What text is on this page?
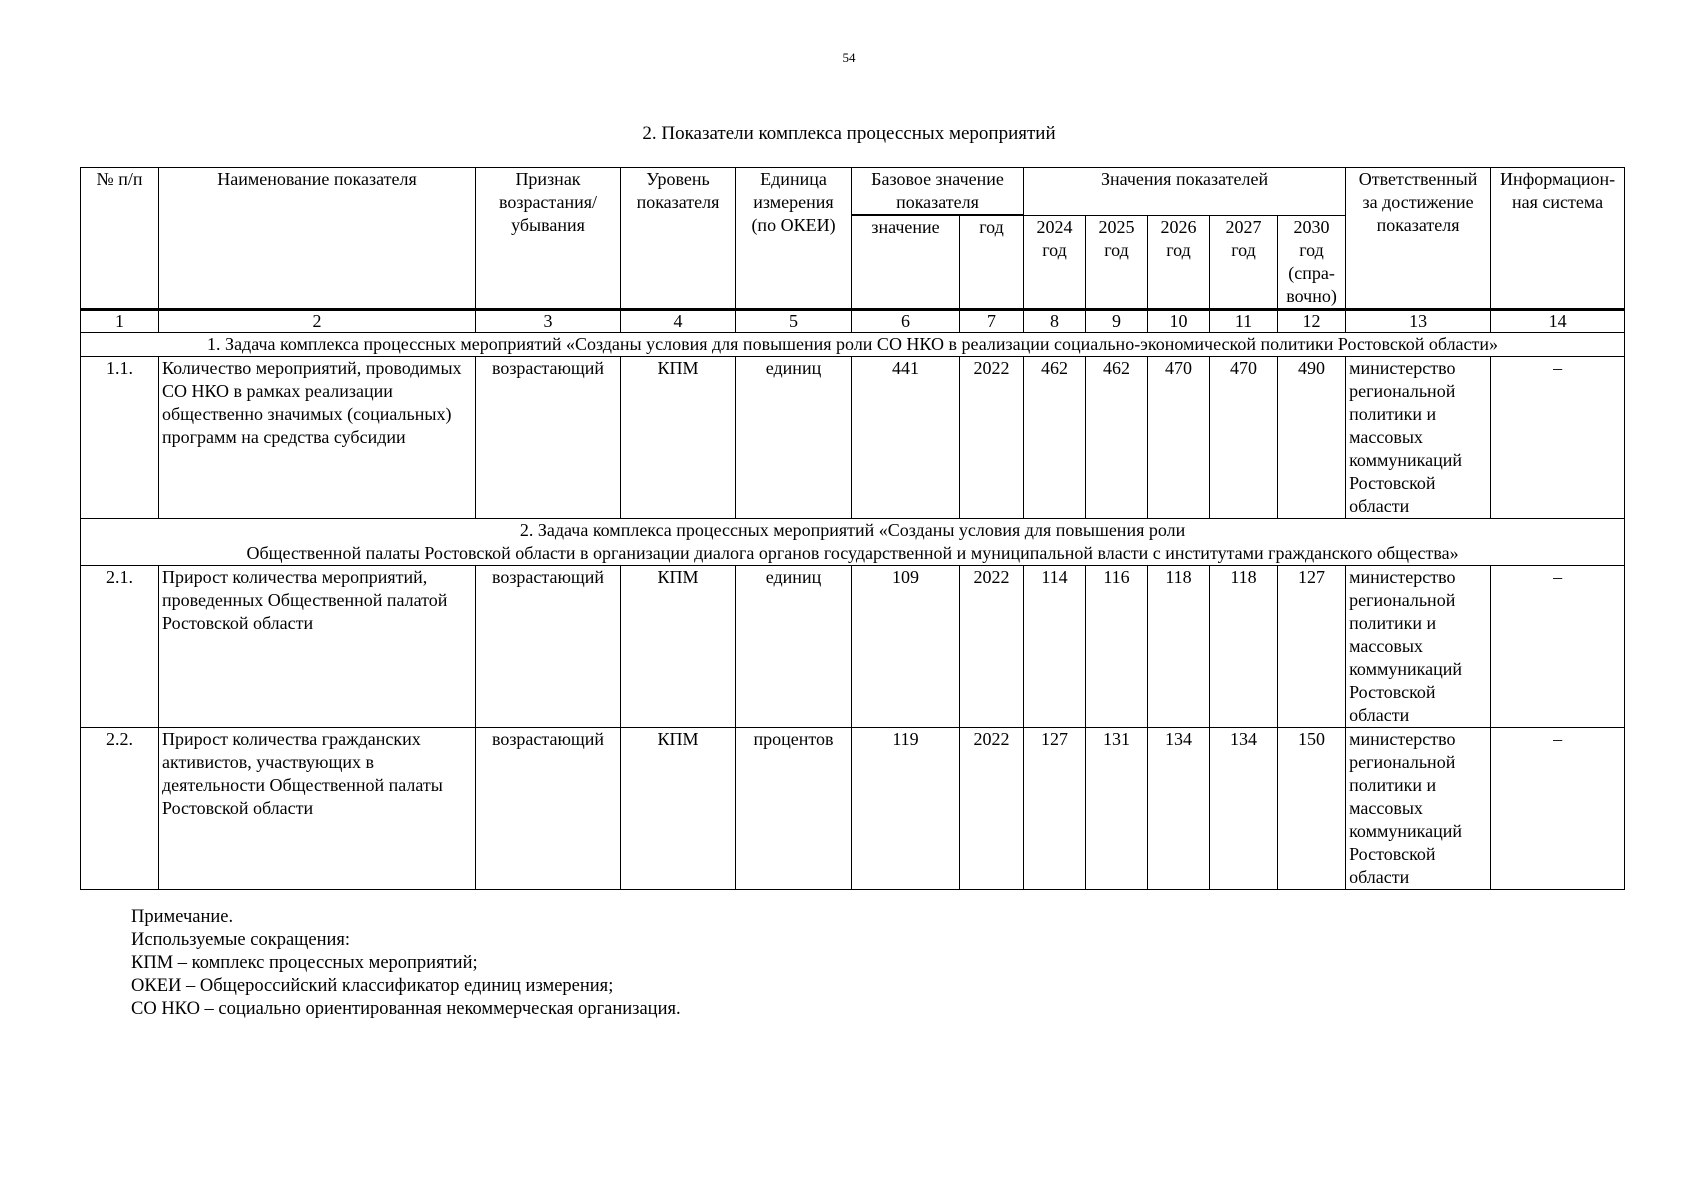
54
2. Показатели комплекса процессных мероприятий
№ п/п	Наименование показателя	Признак возрастания/ убывания	Уровень показателя	Единица измерения (по ОКЕИ)	Базовое значение показателя		Значения показателей					Ответственный за достижение показателя	Информацион-ная система

					значение	год	2024 год	2025 год	2026 год	2027 год	2030 год (спра-вочно)		
1	2	3	4	5	6	7	8	9	10	11	12	13	14
1. Задача комплекса процессных мероприятий «Созданы условия для повышения роли СО НКО в реализации социально-экономической политики Ростовской области»													
1.1.	Количество мероприятий, проводимых СО НКО в рамках реализации общественно значимых (социальных) программ на средства субсидии	возрастающий	КПМ	единиц	441	2022	462	462	470	470	490	министерство региональной политики и массовых коммуникаций Ростовской области	–

2. Задача комплекса процессных мероприятий «Созданы условия для повышения роли
Общественной палаты Ростовской области в организации диалога органов государственной и муниципальной власти с институтами гражданского общества»													

2.1.	Прирост количества мероприятий, проведенных Общественной палатой Ростовской области	возрастающий	КПМ	единиц	109	2022	114	116	118	118	127	министерство региональной политики и массовых коммуникаций Ростовской области	–
2.2.	Прирост количества гражданских активистов, участвующих в деятельности Общественной палаты Ростовской области	возрастающий	КПМ	процентов	119	2022	127	131	134	134	150	министерство региональной политики и массовых коммуникаций Ростовской области	–
Примечание.
Используемые сокращения:
КПМ – комплекс процессных мероприятий;
ОКЕИ – Общероссийский классификатор единиц измерения;
СО НКО – социально ориентированная некоммерческая организация.
